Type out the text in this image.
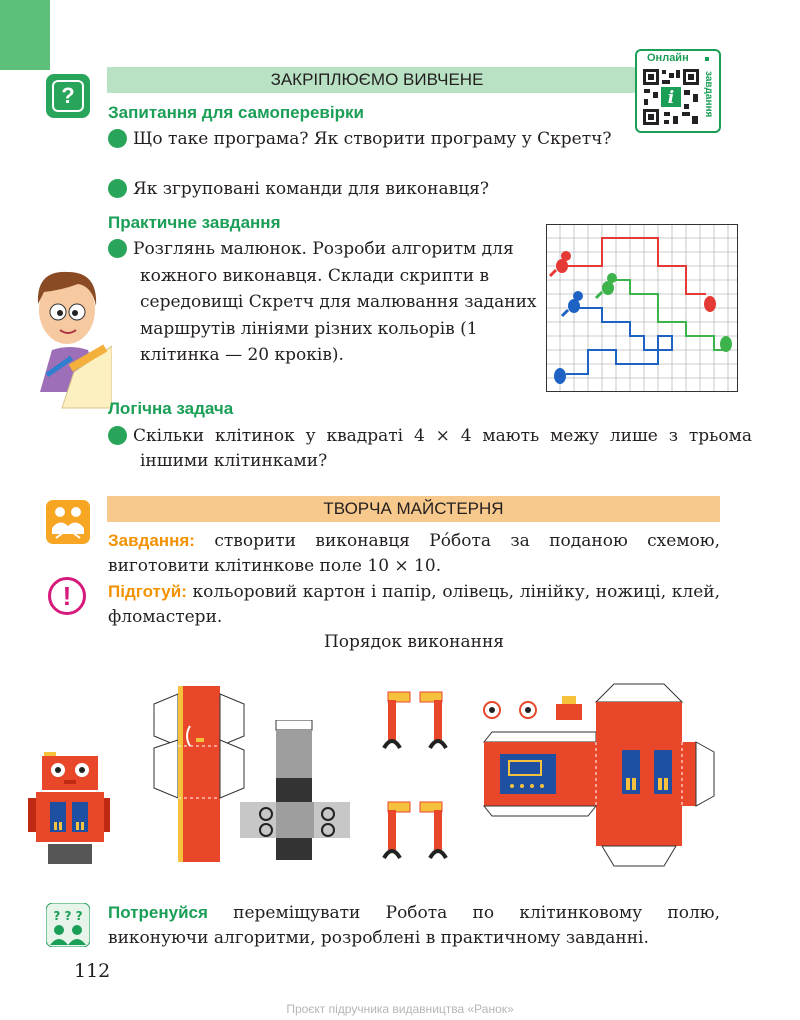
?
ЗАКРІПЛЮЄМО ВИВЧЕНЕ
Онлайн
i	завдання
Запитання для самоперевірки
1 Що таке програма? Як створити програму у Скретч?
2 Як згруповані команди для виконавця?
Практичне завдання
3 Розглянь малюнок. Розроби алгоритм для кожного виконавця. Склади скрипти в середовищі Скретч для малювання заданих маршрутів лініями різних кольорів (1 клітинка — 20 кроків).
Логічна задача
4 Скільки клітинок у квадраті 4 × 4 мають межу лише з трьома іншими клітинками?
ТВОРЧА МАЙСТЕРНЯ
Завдання: створити виконавця Рóбота за поданою схемою, виготовити клітинкове поле 10 × 10.
!	Підготуй: кольоровий картон і папір, олівець, лінійку, ножиці, клей, фломастери.
Порядок виконання
? ? ? Потренуйся переміщувати Робота по клітинковому полю, виконуючи алгоритми, розроблені в практичному завданні.
112
Проєкт підручника видавництва «Ранок»
